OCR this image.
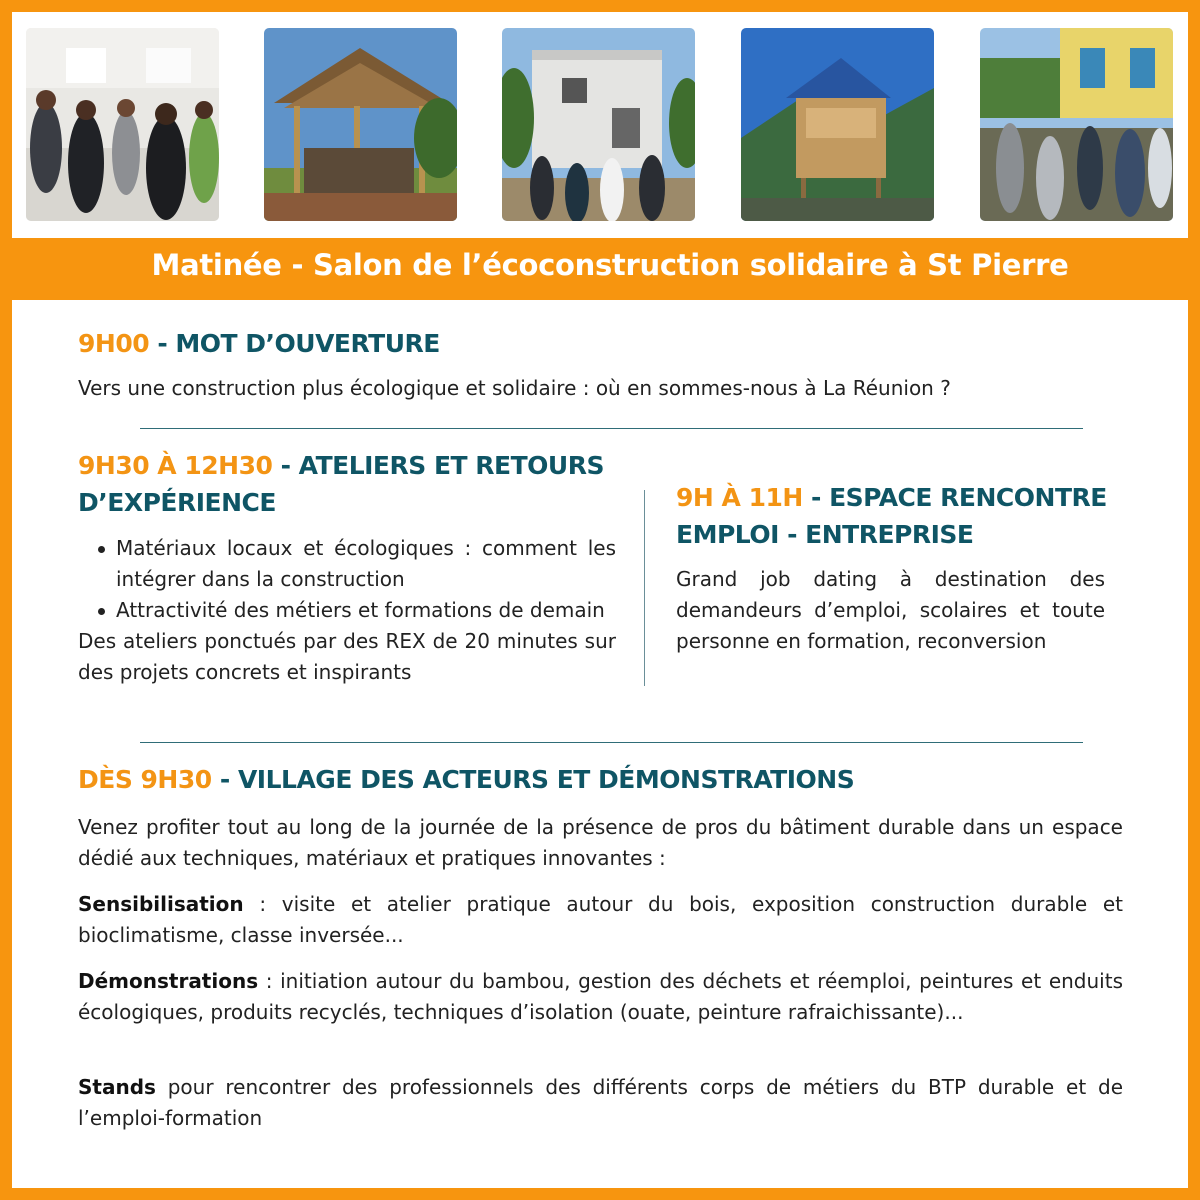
Matinée - Salon de l’écoconstruction solidaire à St Pierre
9H00 - MOT D’OUVERTURE
Vers une construction plus écologique et solidaire : où en sommes-nous à La Réunion ?
9H30 À 12H30 - ATELIERS ET RETOURS D’EXPÉRIENCE
Matériaux locaux et écologiques : comment les intégrer dans la construction
Attractivité des métiers et formations de demain
Des ateliers ponctués par des REX de 20 minutes sur des projets concrets et inspirants
9H À 11H - ESPACE RENCONTRE EMPLOI - ENTREPRISE
Grand job dating à destination des demandeurs d’emploi, scolaires et toute personne en formation, reconversion
DÈS 9H30 - VILLAGE DES ACTEURS ET DÉMONSTRATIONS
Venez profiter tout au long de la journée de la présence de pros du bâtiment durable dans un espace dédié aux techniques, matériaux et pratiques innovantes :
Sensibilisation : visite et atelier pratique autour du bois, exposition construction durable et bioclimatisme, classe inversée...
Démonstrations : initiation autour du bambou, gestion des déchets et réemploi, peintures et enduits écologiques, produits recyclés, techniques d’isolation (ouate, peinture rafraichissante)...
Stands pour rencontrer des professionnels des différents corps de métiers du BTP durable et de l’emploi-formation
